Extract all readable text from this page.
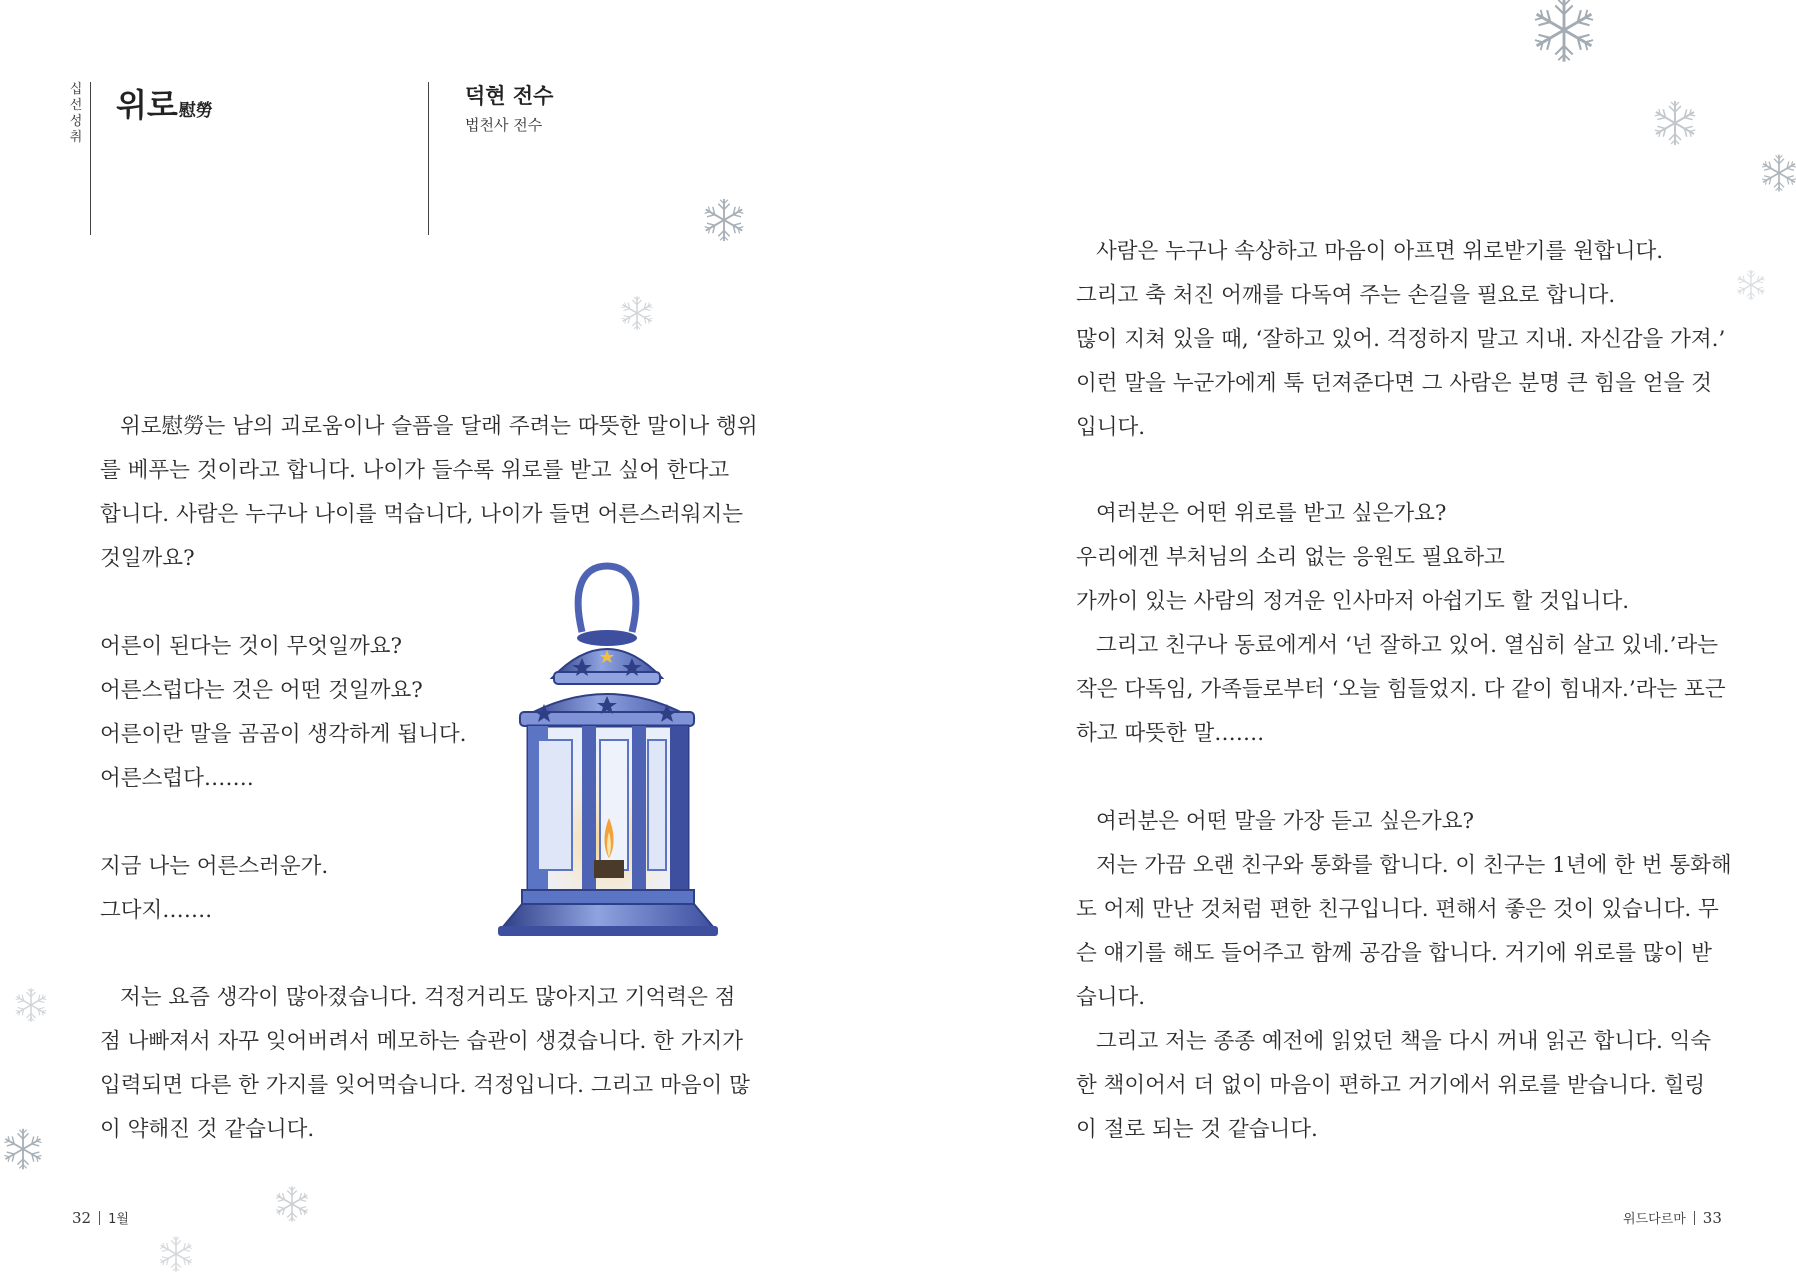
십선성취
위로慰勞
덕현 전수
법천사 전수

위로慰勞는 남의 괴로움이나 슬픔을 달래 주려는 따뜻한 말이나 행위
를 베푸는 것이라고 합니다. 나이가 들수록 위로를 받고 싶어 한다고
합니다. 사람은 누구나 나이를 먹습니다, 나이가 들면 어른스러워지는
것일까요?

어른이 된다는 것이 무엇일까요?
어른스럽다는 것은 어떤 것일까요?
어른이란 말을 곰곰이 생각하게 됩니다.
어른스럽다…….

지금 나는 어른스러운가.
그다지…….

저는 요즘 생각이 많아졌습니다. 걱정거리도 많아지고 기억력은 점
점 나빠져서 자꾸 잊어버려서 메모하는 습관이 생겼습니다. 한 가지가
입력되면 다른 한 가지를 잊어먹습니다. 걱정입니다. 그리고 마음이 많
이 약해진 것 같습니다.

사람은 누구나 속상하고 마음이 아프면 위로받기를 원합니다.
그리고 축 처진 어깨를 다독여 주는 손길을 필요로 합니다.
많이 지쳐 있을 때, ‘잘하고 있어. 걱정하지 말고 지내. 자신감을 가져.’
이런 말을 누군가에게 툭 던져준다면 그 사람은 분명 큰 힘을 얻을 것
입니다.

여러분은 어떤 위로를 받고 싶은가요?
우리에겐 부처님의 소리 없는 응원도 필요하고
가까이 있는 사람의 정겨운 인사마저 아쉽기도 할 것입니다.
그리고 친구나 동료에게서 ‘넌 잘하고 있어. 열심히 살고 있네.’라는
작은 다독임, 가족들로부터 ‘오늘 힘들었지. 다 같이 힘내자.’라는 포근
하고 따뜻한 말…….

여러분은 어떤 말을 가장 듣고 싶은가요?
저는 가끔 오랜 친구와 통화를 합니다. 이 친구는 1년에 한 번 통화해
도 어제 만난 것처럼 편한 친구입니다. 편해서 좋은 것이 있습니다. 무
슨 얘기를 해도 들어주고 함께 공감을 합니다. 거기에 위로를 많이 받
습니다.
그리고 저는 종종 예전에 읽었던 책을 다시 꺼내 읽곤 합니다. 익숙
한 책이어서 더 없이 마음이 편하고 거기에서 위로를 받습니다. 힐링
이 절로 되는 것 같습니다.

32 1월	위드다르마 33
